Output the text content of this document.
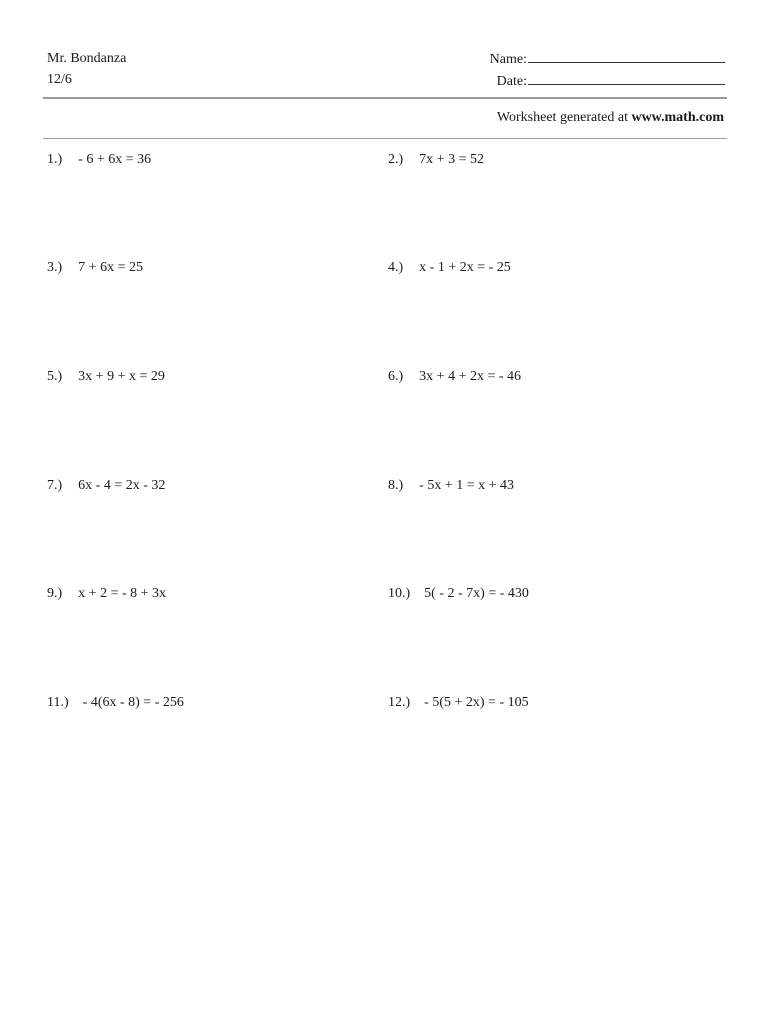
Mr. Bondanza
12/6
Name:
Date:
Worksheet generated at www.math.com
1.) - 6 + 6x = 36	2.) 7x + 3 = 52
3.) 7 + 6x = 25	4.) x - 1 + 2x = - 25
5.) 3x + 9 + x = 29	6.) 3x + 4 + 2x = - 46
7.) 6x - 4 = 2x - 32	8.) - 5x + 1 = x + 43
9.) x + 2 = - 8 + 3x	10.) 5( - 2 - 7x) = - 430
11.) - 4(6x - 8) = - 256	12.) - 5(5 + 2x) = - 105
